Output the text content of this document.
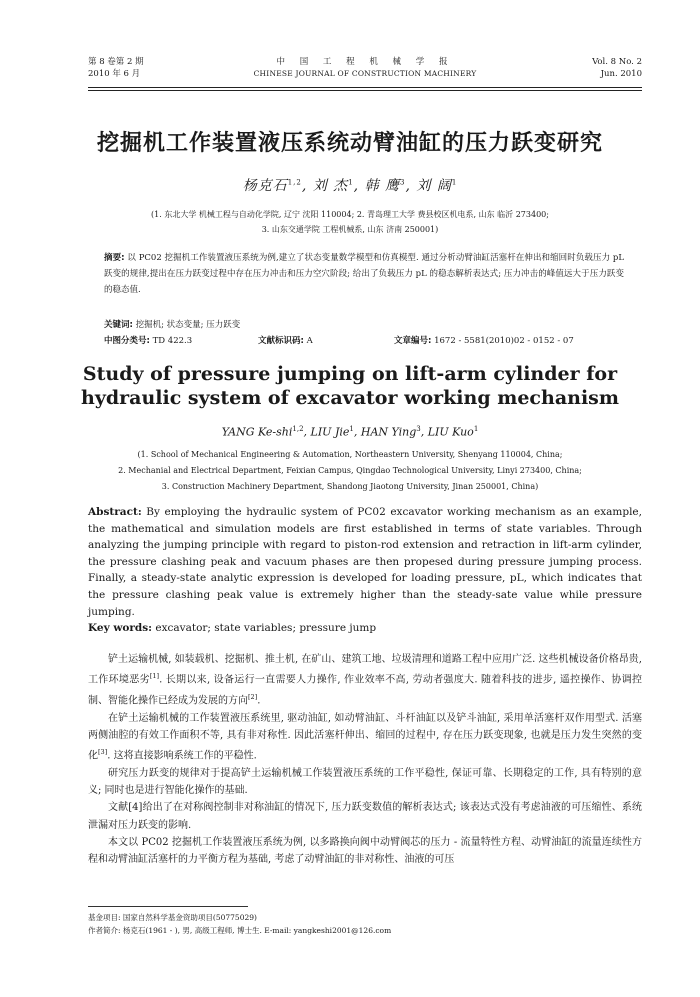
第 8 卷第 2 期
2010 年 6 月
中 国 工 程 机 械 学 报
CHINESE JOURNAL OF CONSTRUCTION MACHINERY
Vol. 8 No. 2
Jun. 2010
挖掘机工作装置液压系统动臂油缸的压力跃变研究
杨克石$^{1,2}$, 刘 杰$^1$, 韩 鹰$^3$, 刘 阔$^1$
(1. 东北大学 机械工程与自动化学院, 辽宁 沈阳 110004; 2. 青岛理工大学 费县校区机电系, 山东 临沂 273400;
3. 山东交通学院 工程机械系, 山东 济南 250001)
摘要: 以 PC02 挖掘机工作装置液压系统为例,建立了状态变量数学模型和仿真模型. 通过分析动臂油缸活塞杆在伸出和缩回时负载压力 pL 跃变的规律,提出在压力跃变过程中存在压力冲击和压力空穴阶段; 给出了负载压力 pL 的稳态解析表达式; 压力冲击的峰值远大于压力跃变的稳态值.
关键词: 挖掘机; 状态变量; 压力跃变
中图分类号: TD 422.3	文献标识码: A	文章编号: 1672 - 5581(2010)02 - 0152 - 07
Study of pressure jumping on lift-arm cylinder for
hydraulic system of excavator working mechanism
YANG Ke-shi$^{1,2}$, LIU Jie$^1$, HAN Ying$^3$, LIU Kuo$^1$
(1. School of Mechanical Engineering & Automation, Northeastern University, Shenyang 110004, China;
2. Mechanial and Electrical Department, Feixian Campus, Qingdao Technological University, Linyi 273400, China;
3. Construction Machinery Department, Shandong Jiaotong University, Jinan 250001, China)
Abstract: By employing the hydraulic system of PC02 excavator working mechanism as an example, the mathematical and simulation models are first established in terms of state variables. Through analyzing the jumping principle with regard to piston-rod extension and retraction in lift-arm cylinder, the pressure clashing peak and vacuum phases are then propesed during pressure jumping process. Finally, a steady-state analytic expression is developed for loading pressure, pL, which indicates that the pressure clashing peak value is extremely higher than the steady-sate value while pressure jumping.
Key words: excavator; state variables; pressure jump

铲土运输机械, 如装载机、挖掘机、推土机, 在矿山、建筑工地、垃圾清理和道路工程中应用广泛. 这些机械设备价格昂贵, 工作环境恶劣[1]. 长期以来, 设备运行一直需要人力操作, 作业效率不高, 劳动者强度大. 随着科技的进步, 遥控操作、协调控制、智能化操作已经成为发展的方向[2].

在铲土运输机械的工作装置液压系统里, 驱动油缸, 如动臂油缸、斗杆油缸以及铲斗油缸, 采用单活塞杆双作用型式. 活塞两侧油腔的有效工作面积不等, 具有非对称性. 因此活塞杆伸出、缩回的过程中, 存在压力跃变现象, 也就是压力发生突然的变化[3]. 这将直接影响系统工作的平稳性.

研究压力跃变的规律对于提高铲土运输机械工作装置液压系统的工作平稳性, 保证可靠、长期稳定的工作, 具有特别的意义; 同时也是进行智能化操作的基础.

文献[4]给出了在对称阀控制非对称油缸的情况下, 压力跃变数值的解析表达式; 该表达式没有考虑油液的可压缩性、系统泄漏对压力跃变的影响.

本文以 PC02 挖掘机工作装置液压系统为例, 以多路换向阀中动臂阀芯的压力 - 流量特性方程、动臂油缸的流量连续性方程和动臂油缸活塞杆的力平衡方程为基础, 考虑了动臂油缸的非对称性、油液的可压

基金项目: 国家自然科学基金资助项目(50775029)
作者简介: 杨克石(1961 - ), 男, 高级工程师, 博士生. E-mail: yangkeshi2001@126.com
